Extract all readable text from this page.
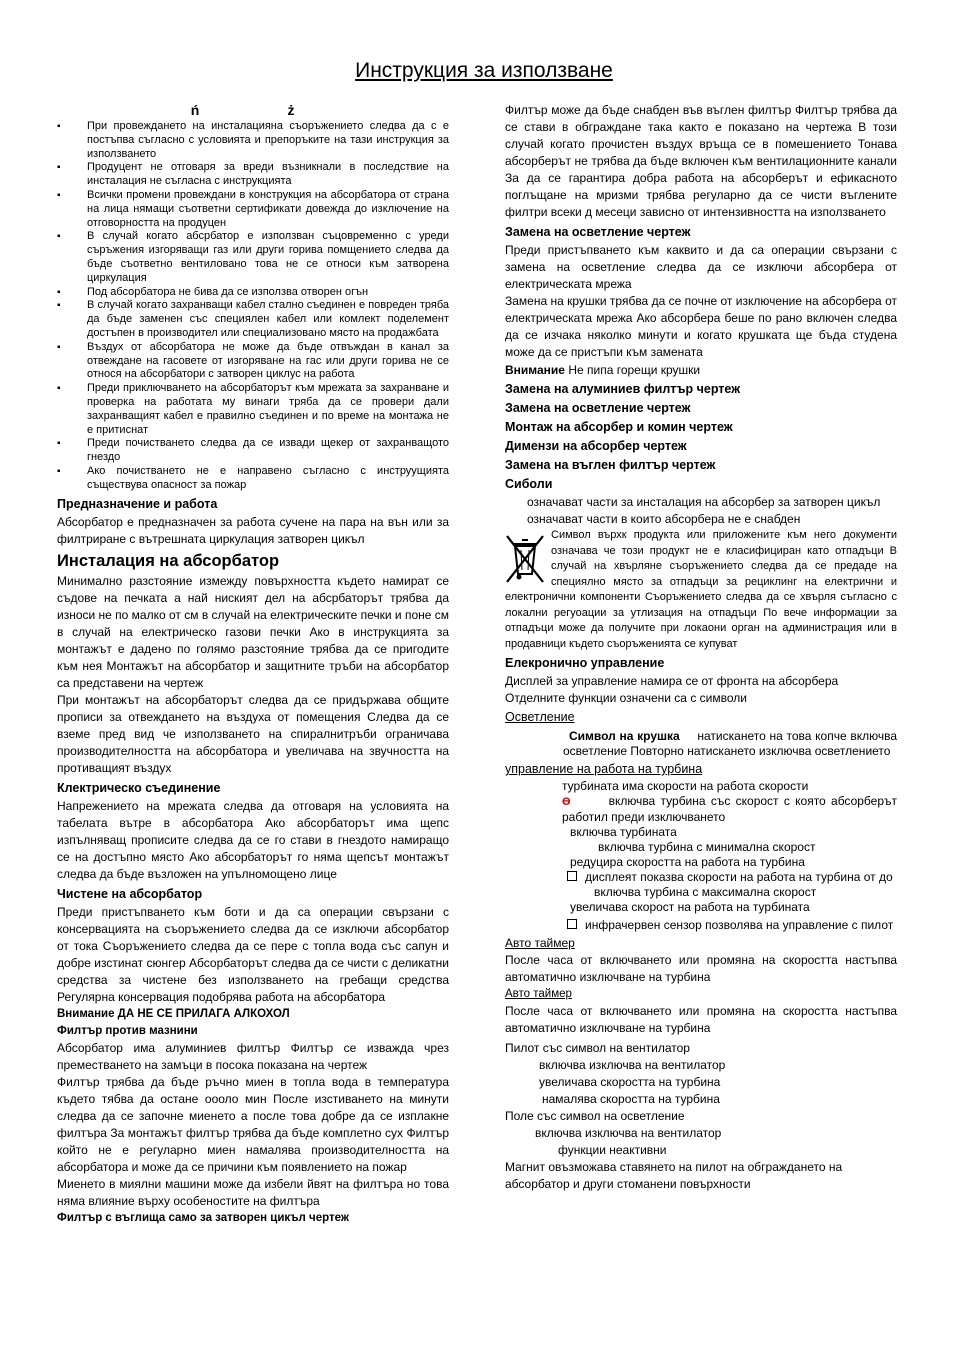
Инструкция за използване
ń	ż
▪ При провеждането на инсталацияна съоръжението следва да с е постъпва съгласно с условията и препоръките на тази инструкция за използването
▪ Продуцент не отговаря за вреди възникнали в последствие на инсталация не съгласна с инструкцията
▪ Всички промени провеждани в конструкция на абсорбатора от страна на лица нямащи съответни сертификати довежда до изключение на отговорността на продуцен
▪ В случай когато абсрбатор е използван съцовременно с уреди съръжения изгоряващи газ или други горива помщението следва да бъде съответно вентиловано това не се относи към затворена циркулация
▪ Под абсорбатора не бива да се използва отворен огън
▪ В случай когато захранващи кабел стално съединен е повреден тряба да бъде заменен със специялен кабел или комлект поделемент достъпен в производител или специализовано място на продажбата
▪ Въздух от абсорбатора не може да бъде отвъждан в канал за отвеждане на гасовете от изгоряване на гас или други горива не се относя на абсорбатори с затворен циклус на работа
▪ Преди приключването на абсорбаторът към мрежата за захранване и проверка на работата му винаги тряба да се провери дали захранващият кабел е правилно съединен и по време на монтажа не е притиснат
▪ Преди почистването следва да се извади щекер от захранващото гнездо
▪ Ако почистването не е направено съгласно с инструущията съществува опасност за пожар
Предназначение и работа

Абсорбатор е предназначен за работа сучене на пара на вън или за филтриране с вътрешната циркулация затворен цикъл

Инсталация на абсорбатор

Минимално разстояние измежду повърхността където намират се съдове на печката а най ниският дел на абсрбаторът трябва да износи не по малко от см в случай на електрическите печки и поне см в случай на електрическо газови печки Ако в инструкцията за монтажът е дадено по голямо разстояние трябва да се пригодите към нея Монтажът на абсорбатор и защитните тръби на абсорбатор са представени на чертеж

При монтажът на абсорбаторът следва да се придържава общите прописи за отвеждането на въздуха от помещения Следва да се вземе пред вид че използването на спиралнитръби ограничава производителността на абсорбатора и увеличава на звучността на противащият въздух

Клектрическо съединение

Напрежението на мрежата следва да отговаря на условията на табелата вътре в абсорбатора Ако абсорбаторът има щепс изпълняващ прописите следва да се го стави в гнездото намиращо се на достъпно място Ако абсорбаторът го няма щепсът монтажът следва да бъде възложен на упълномощено лице

Чистене на абсорбатор

Преди пристъпването към боти и да са операции свързани с консервацията на съоръжението следва да се изключи абсорбатор от тока Съоръжението следва да се пере с топла вода със сапун и добре изстинат сюнгер Абсорбаторът следва да се чисти с деликатни средства за чистене без използването на гребащи средства Регулярна консервация подобрява работа на абсорбатора

Внимание ДА НЕ СЕ ПРИЛАГА АЛКОХОЛ
Филтър против мазнини

Абсорбатор има алуминиев филтър Филтър се изважда чрез преместването на замъци в посока показана на чертеж

Филтър трябва да бъде ръчно миен в топла вода в температура къдетo тябва да остане оооло мин После изстиването на минути следва да се започне миенето а после това добре да се изплакне филтъра За монтажът филтър трябва да бъде комплетно сух Филтър който не е регуларно миен намалява производителността на абсорбатора и може да се причини към появлението на пожар

Миенето в миялни машини може да избели йвят на филтъра но това няма влияние върху особеностите на филтъра

Филтър с въглища само за затворен цикъл чертеж

Филтър може да бъде снабден във въглен филтър Филтър трябва да се стави в обграждане така както е показано на чертежа В този случай когато прочистен въздух връща се в помешението Тонава абсорберът не трябва да бъде включен към вентилационните канали За да се гарантира добра работа на абсорберът и ефикасното поглъщане на мризми трябва регуларно да се чисти въглените филтри всеки д месеци зависно от интензивността на използването

Замена на осветление чертеж

Преди пристъпването към каквито и да са операции свързани с замена на осветление следва да се изключи абсорбера от електрическата мрежа

Замена на крушки трябва да се почне от изключение на абсорбера от електрическата мрежа Ако абсорбера беше по рано включен следва да се изчака няколко минути и когато крушката ще бъда студена може да се пристъпи към замената

Внимание Не пипа горещи крушки

Замена на алуминиев филтър чертеж
Замена на осветление чертеж
Монтаж на абсорбер и комин чертеж
Димензи на абсорбер чертеж
Замена на въглен филтър чертеж
Сиболи

означават части за инсталация на абсорбер за затворен цикъл

означават части в които абсорбера не е снабден

Символ върхк продукта или приложените към него документи означава че този продукт не е класифициран като отпадъци В случай на хвърляне съоръжението следва да се предаде на специялно място за отпадъци за рециклинг на електрични и електронични компоненти Съоръжението следва да се хвърля съгласно с локални регуоации за утлизация на отпадъци По вече информации за отпадъци може да получите при локаони орган на администрация или в продавници където съоръженията се купуват

Елекронично управление

Дисплей за управление намира се от фронта на абсорбера

Отделните функции означени са с символи

Осветление

Символ на крушка натискането на това копче включва осветление Повторно натискането изключва осветлението

управление на работа на турбина

турбината има скорости на работа скорости

ϴ	включва турбина със скорост с която абсорберът работил преди изключването

включва турбината

включва турбина с минимална скорост

редуцира скоростта на работа на турбина

дисплеят показва скорости на работа на турбина от до

включва турбина с максимална скорост

увеличава скорост на работа на турбината

инфрачервен сензор позволява на управление с пилот

Авто таймер

После часа от включването или промяна на скоростта настъпва автоматично изключване на турбина

Авто таймер

После часа от включването или промяна на скоростта настъпва автоматично изключване на турбина

Пилот със символ на вентилатор

включва изключва на вентилатор

увеличава скоростта на турбина

намалява скоростта на турбина

Поле със символ на осветление

включва изключва на вентилатор

функции неактивни

Магнит овъзможава ставянето на пилот на обграждането на абсорбатор и други стоманени повърхности
